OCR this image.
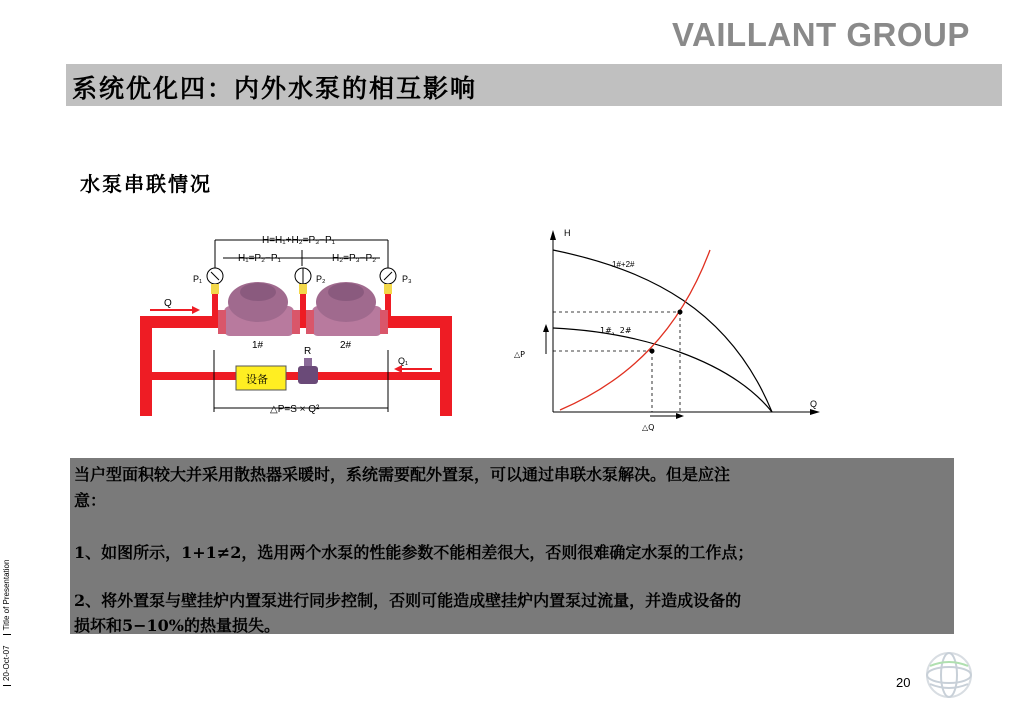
VAILLANT GROUP
系统优化四：内外水泵的相互影响
水泵串联情况
H=H₁+H₂=P₃−P₁
H₁=P₂−P₁	H₂=P₃−P₂
Q
Q₁
P₁	P₂	P₃
1#	2#
R
设备
△P=S × Q²
H
Q
1#+2#
1#、2#
△P
△Q
当户型面积较大并采用散热器采暖时，系统需要配外置泵，可以通过串联水泵解决。但是应注
意：
1、如图所示，1+1≠2，选用两个水泵的性能参数不能相差很大，否则很难确定水泵的工作点；
2、将外置泵与壁挂炉内置泵进行同步控制，否则可能造成壁挂炉内置泵过流量，并造成设备的
损坏和5−10%的热量损失。
20-Oct-07Title of Presentation
20
